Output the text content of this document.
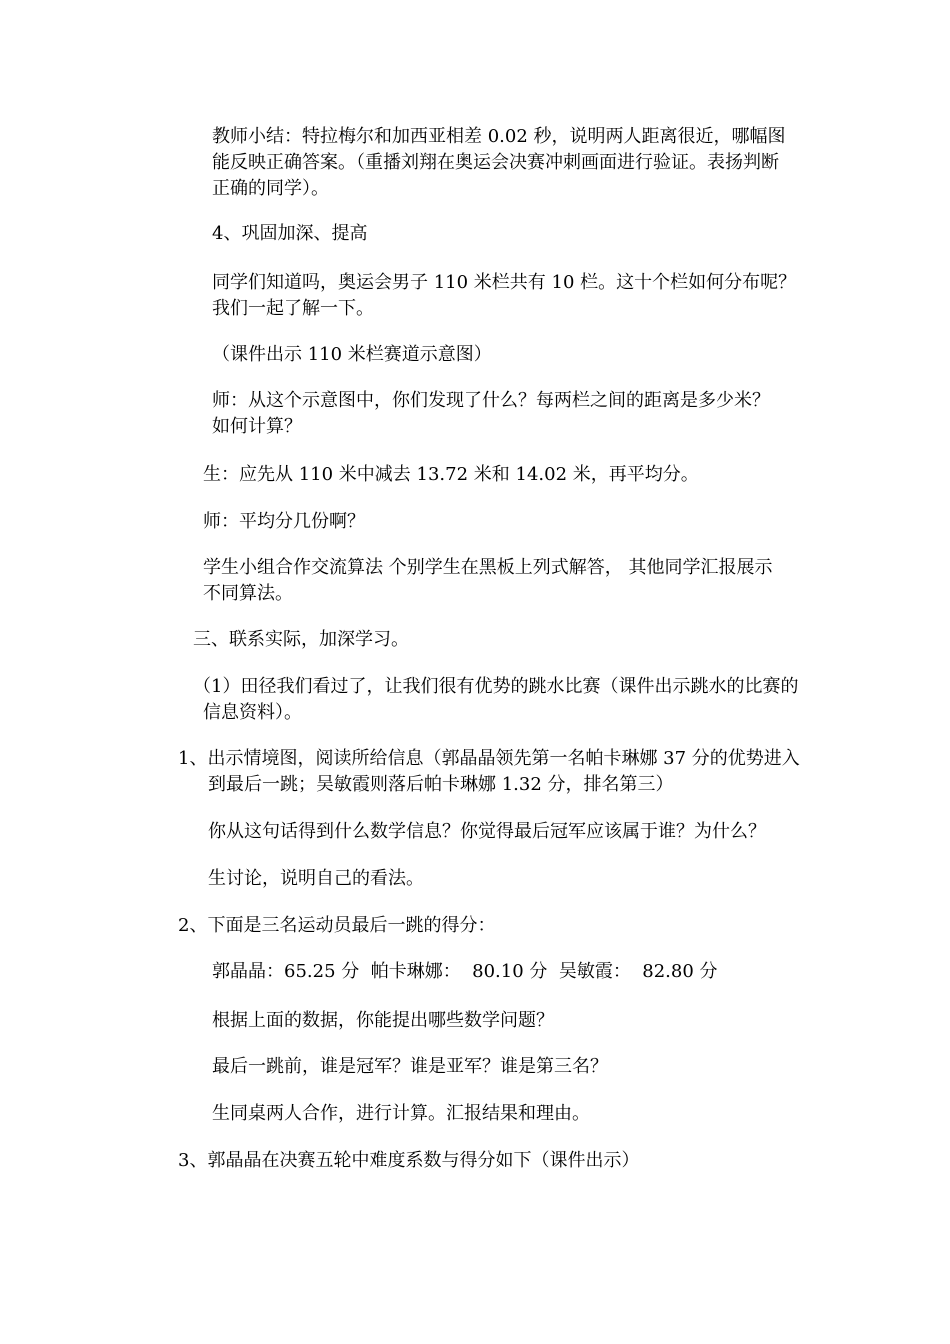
教师小结：特拉梅尔和加西亚相差 0.02 秒，说明两人距离很近，哪幅图
能反映正确答案。（重播刘翔在奥运会决赛冲刺画面进行验证。表扬判断
正确的同学）。
4、巩固加深、提高
同学们知道吗，奥运会男子 110 米栏共有 10 栏。这十个栏如何分布呢？
我们一起了解一下。
（课件出示 110 米栏赛道示意图）
师：从这个示意图中，你们发现了什么？每两栏之间的距离是多少米？
如何计算？
生：应先从 110 米中减去 13.72 米和 14.02 米，再平均分。
师：平均分几份啊？
学生小组合作交流算法 个别学生在黑板上列式解答， 其他同学汇报展示
不同算法。
三、联系实际，加深学习。
（1）田径我们看过了，让我们很有优势的跳水比赛（课件出示跳水的比赛的
信息资料）。
1、出示情境图，阅读所给信息（郭晶晶领先第一名帕卡琳娜 37 分的优势进入
到最后一跳；吴敏霞则落后帕卡琳娜 1.32 分，排名第三）
你从这句话得到什么数学信息？你觉得最后冠军应该属于谁？为什么？
生讨论，说明自己的看法。
2、下面是三名运动员最后一跳的得分：
郭晶晶：65.25 分  帕卡琳娜：  80.10 分  吴敏霞：  82.80 分
根据上面的数据，你能提出哪些数学问题？
最后一跳前，谁是冠军？谁是亚军？谁是第三名？
生同桌两人合作，进行计算。汇报结果和理由。
3、郭晶晶在决赛五轮中难度系数与得分如下（课件出示）
